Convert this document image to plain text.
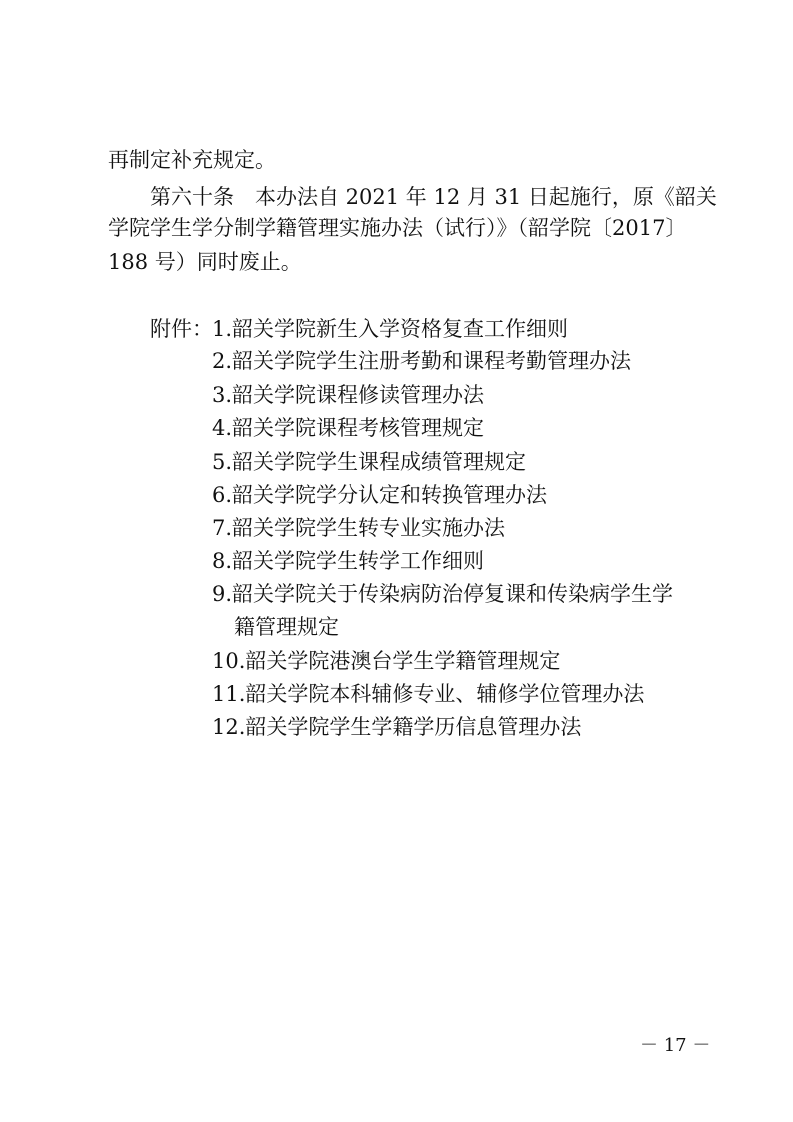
再制定补充规定。
第六十条　本办法自 2021 年 12 月 31 日起施行，原《韶关
学院学生学分制学籍管理实施办法（试行）》（韶学院〔2017〕
188 号）同时废止。
附件： 1.韶关学院新生入学资格复查工作细则
2.韶关学院学生注册考勤和课程考勤管理办法
3.韶关学院课程修读管理办法
4.韶关学院课程考核管理规定
5.韶关学院学生课程成绩管理规定
6.韶关学院学分认定和转换管理办法
7.韶关学院学生转专业实施办法
8.韶关学院学生转学工作细则
9.韶关学院关于传染病防治停复课和传染病学生学
籍管理规定
10.韶关学院港澳台学生学籍管理规定
11.韶关学院本科辅修专业、辅修学位管理办法
12.韶关学院学生学籍学历信息管理办法
－ 17 －
